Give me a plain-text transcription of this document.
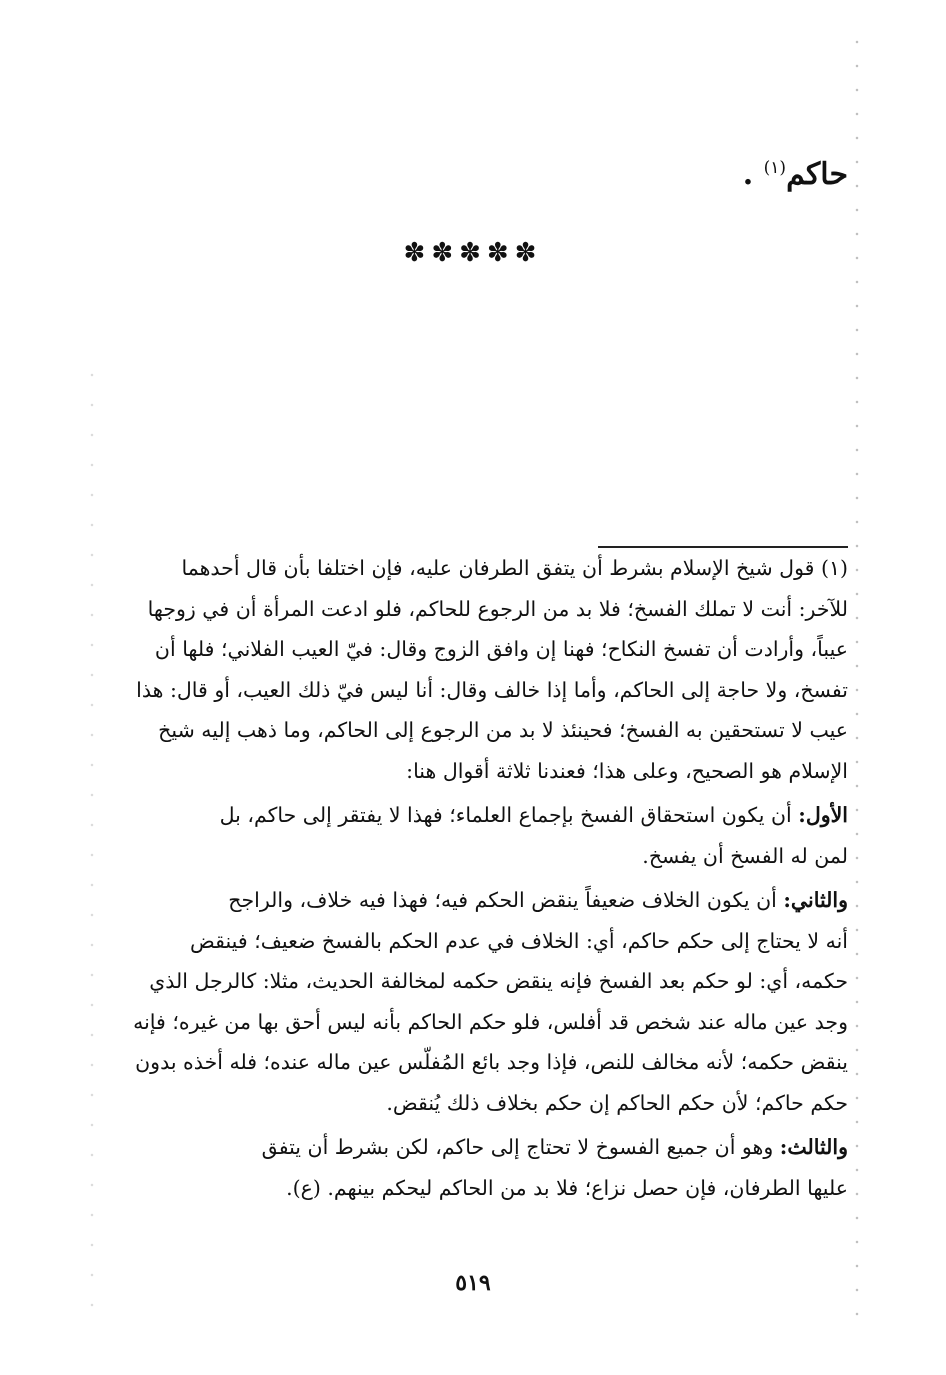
حاكم$^{(١)}$ .
✽✽✽✽✽

(١) قول شيخ الإسلام بشرط أن يتفق الطرفان عليه، فإن اختلفا بأن قال أحدهما

للآخر: أنت لا تملك الفسخ؛ فلا بد من الرجوع للحاكم، فلو ادعت المرأة أن في زوجها

عيباً، وأرادت أن تفسخ النكاح؛ فهنا إن وافق الزوج وقال: فيّ العيب الفلاني؛ فلها أن

تفسخ، ولا حاجة إلى الحاكم، وأما إذا خالف وقال: أنا ليس فيّ ذلك العيب، أو قال: هذا

عيب لا تستحقين به الفسخ؛ فحينئذ لا بد من الرجوع إلى الحاكم، وما ذهب إليه شيخ

الإسلام هو الصحيح، وعلى هذا؛ فعندنا ثلاثة أقوال هنا:

الأول: أن يكون استحقاق الفسخ بإجماع العلماء؛ فهذا لا يفتقر إلى حاكم، بل

لمن له الفسخ أن يفسخ.

والثاني: أن يكون الخلاف ضعيفاً ينقض الحكم فيه؛ فهذا فيه خلاف، والراجح

أنه لا يحتاج إلى حكم حاكم، أي: الخلاف في عدم الحكم بالفسخ ضعيف؛ فينقض

حكمه، أي: لو حكم بعد الفسخ فإنه ينقض حكمه لمخالفة الحديث، مثلا: كالرجل الذي

وجد عين ماله عند شخص قد أفلس، فلو حكم الحاكم بأنه ليس أحق بها من غيره؛ فإنه

ينقض حكمه؛ لأنه مخالف للنص، فإذا وجد بائع المُفلّس عين ماله عنده؛ فله أخذه بدون

حكم حاكم؛ لأن حكم الحاكم إن حكم بخلاف ذلك يُنقض.

والثالث: وهو أن جميع الفسوخ لا تحتاج إلى حاكم، لكن بشرط أن يتفق

عليها الطرفان، فإن حصل نزاع؛ فلا بد من الحاكم ليحكم بينهم. (ع).

٥١٩
